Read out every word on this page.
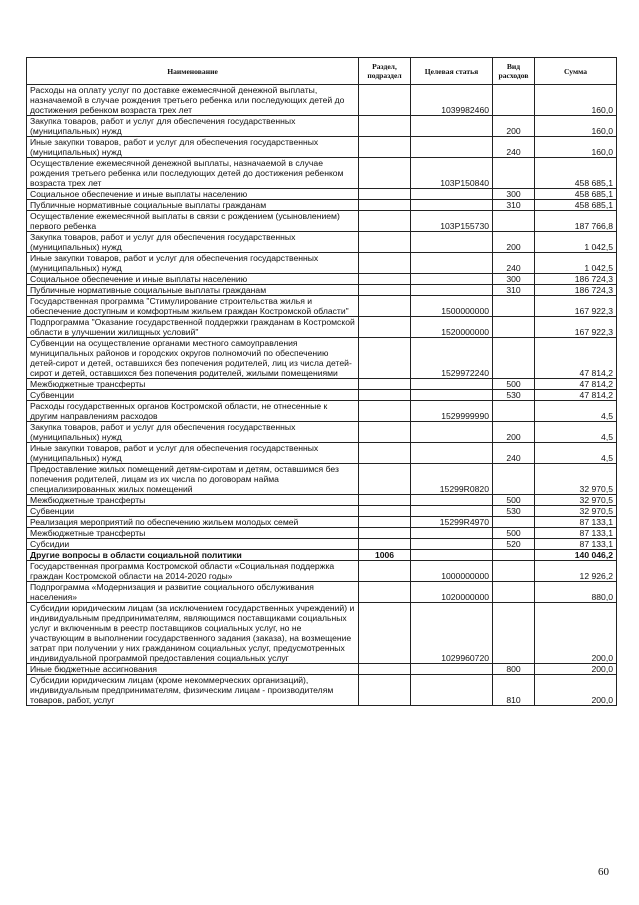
Наименование	Раздел, подраздел	Целевая статья	Вид расходов	Сумма
Расходы на оплату услуг по доставке ежемесячной денежной выплаты, назначаемой в случае рождения третьего ребенка или последующих детей до достижения ребенком возраста трех лет		1039982460		160,0
Закупка товаров, работ и услуг для обеспечения государственных (муниципальных) нужд			200	160,0
Иные закупки товаров, работ и услуг для обеспечения государственных (муниципальных) нужд			240	160,0
Осуществление ежемесячной денежной выплаты, назначаемой в случае рождения третьего ребенка или последующих детей до достижения ребенком возраста трех лет		103P150840		458 685,1
Социальное обеспечение и иные выплаты населению			300	458 685,1
Публичные нормативные социальные выплаты гражданам			310	458 685,1
Осуществление ежемесячной выплаты в связи с рождением (усыновлением) первого ребенка		103P155730		187 766,8
Закупка товаров, работ и услуг для обеспечения государственных (муниципальных) нужд			200	1 042,5
Иные закупки товаров, работ и услуг для обеспечения государственных (муниципальных) нужд			240	1 042,5
Социальное обеспечение и иные выплаты населению			300	186 724,3
Публичные нормативные социальные выплаты гражданам			310	186 724,3
Государственная программа "Стимулирование строительства жилья и обеспечение доступным и комфортным жильем граждан Костромской области"		1500000000		167 922,3
Подпрограмма "Оказание государственной поддержки гражданам в Костромской области в улучшении жилищных условий"		1520000000		167 922,3
Субвенции на осуществление органами местного самоуправления муниципальных районов и городских округов полномочий по обеспечению детей-сирот и детей, оставшихся без попечения родителей, лиц из числа детей-сирот и детей, оставшихся без попечения родителей, жилыми помещениями		1529972240		47 814,2
Межбюджетные трансферты			500	47 814,2
Субвенции			530	47 814,2
Расходы государственных органов Костромской области, не отнесенные к другим направлениям расходов		1529999990		4,5
Закупка товаров, работ и услуг для обеспечения государственных (муниципальных) нужд			200	4,5
Иные закупки товаров, работ и услуг для обеспечения государственных (муниципальных) нужд			240	4,5
Предоставление жилых помещений детям-сиротам и детям, оставшимся без попечения родителей, лицам из их числа по договорам найма специализированных жилых помещений		15299R0820		32 970,5
Межбюджетные трансферты			500	32 970,5
Субвенции			530	32 970,5
Реализация мероприятий по обеспечению жильем молодых семей		15299R4970		87 133,1
Межбюджетные трансферты			500	87 133,1
Субсидии			520	87 133,1
Другие вопросы в области социальной политики	1006			140 046,2
Государственная программа Костромской области «Социальная поддержка граждан Костромской области на 2014-2020 годы»		1000000000		12 926,2
Подпрограмма «Модернизация и развитие социального обслуживания населения»		1020000000		880,0
Субсидии юридическим лицам (за исключением государственных учреждений) и индивидуальным предпринимателям, являющимся поставщиками социальных услуг и включенным в реестр поставщиков социальных услуг, но не участвующим в выполнении государственного задания (заказа), на возмещение затрат при получении у них гражданином социальных услуг, предусмотренных индивидуальной программой предоставления социальных услуг		1029960720		200,0
Иные бюджетные ассигнования			800	200,0
Субсидии юридическим лицам (кроме некоммерческих организаций), индивидуальным предпринимателям, физическим лицам - производителям товаров, работ, услуг			810	200,0
60
